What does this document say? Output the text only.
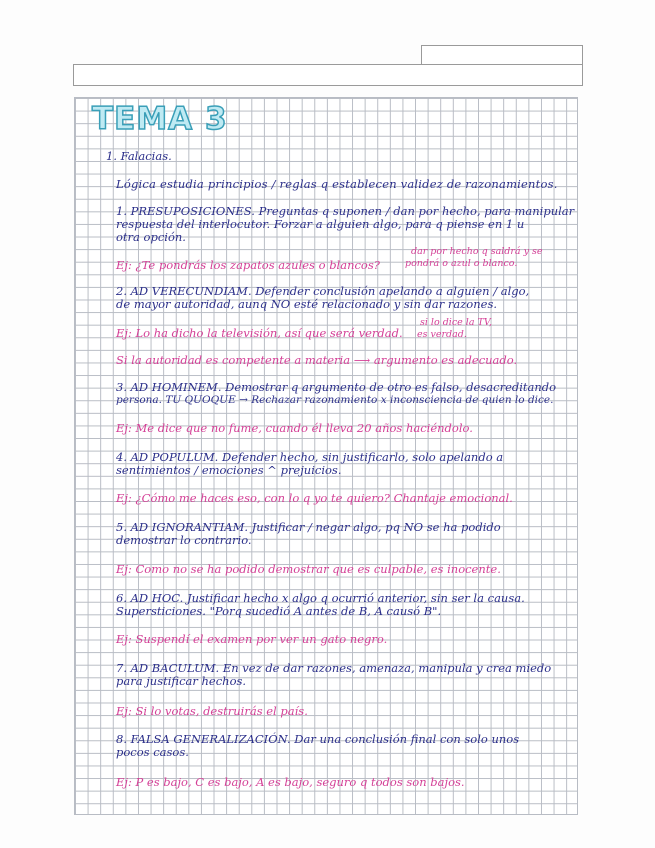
TEMA 3

1. Falacias.

Lógica estudia principios / reglas q establecen validez de razonamientos.

1. PRESUPOSICIONES. Preguntas q suponen / dan por hecho, para manipular

respuesta del interlocutor. Forzar a alguien algo, para q piense en 1 u

otra opción.

dar por hecho q saldrá y se

pondrá o azul o blanco.

Ej: ¿Te pondrás los zapatos azules o blancos?

2. AD VERECUNDIAM. Defender conclusión apelando a alguien / algo,

de mayor autoridad, aunq NO esté relacionado y sin dar razones.

si lo dice la TV,

es verdad.

Ej: Lo ha dicho la televisión, así que será verdad.

Si la autoridad es competente a materia ⟶ argumento es adecuado.

3. AD HOMINEM. Demostrar q argumento de otro es falso, desacreditando

persona. TU QUOQUE → Rechazar razonamiento x inconsciencia de quien lo dice.

Ej: Me dice que no fume, cuando él lleva 20 años haciéndolo.

4. AD POPULUM. Defender hecho, sin justificarlo, solo apelando a

sentimientos / emociones ^ prejuicios.

Ej: ¿Cómo me haces eso, con lo q yo te quiero? Chantaje emocional.

5. AD IGNORANTIAM. Justificar / negar algo, pq NO se ha podido

demostrar lo contrario.

Ej: Como no se ha podido demostrar que es culpable, es inocente.

6. AD HOC. Justificar hecho x algo q ocurrió anterior, sin ser la causa.

Supersticiones. "Porq sucedió A antes de B, A causó B".

Ej: Suspendí el examen por ver un gato negro.

7. AD BACULUM. En vez de dar razones, amenaza, manipula y crea miedo

para justificar hechos.

Ej: Si lo votas, destruirás el país.

8. FALSA GENERALIZACIÓN. Dar una conclusión final con solo unos

pocos casos.

Ej: P es bajo, C es bajo, A es bajo, seguro q todos son bajos.
